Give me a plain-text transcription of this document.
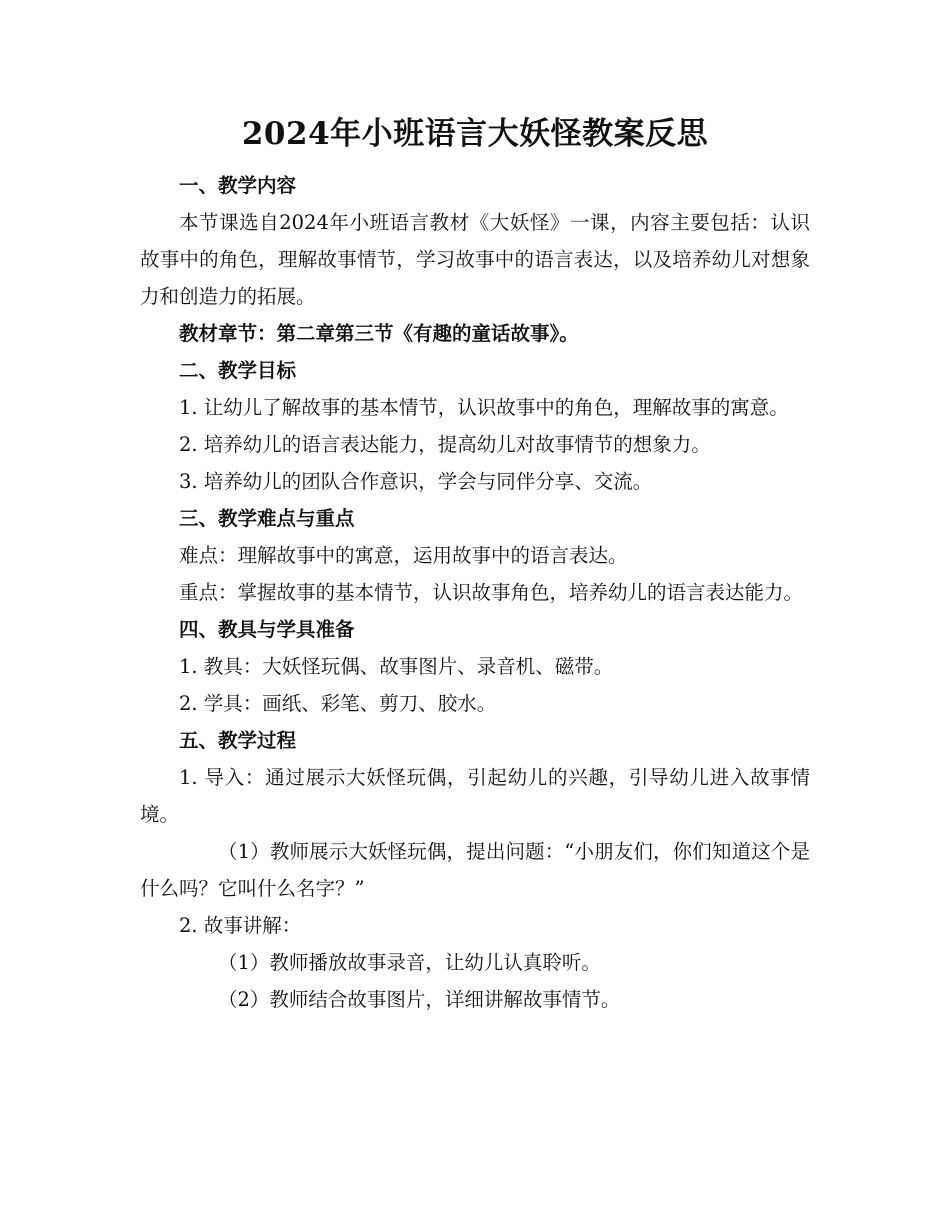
2024年小班语言大妖怪教案反思

一、教学内容

本节课选自2024年小班语言教材《大妖怪》一课，内容主要包括：认识故事中的角色，理解故事情节，学习故事中的语言表达，以及培养幼儿对想象力和创造力的拓展。

教材章节：第二章第三节《有趣的童话故事》。

二、教学目标

1. 让幼儿了解故事的基本情节，认识故事中的角色，理解故事的寓意。

2. 培养幼儿的语言表达能力，提高幼儿对故事情节的想象力。

3. 培养幼儿的团队合作意识，学会与同伴分享、交流。

三、教学难点与重点

难点：理解故事中的寓意，运用故事中的语言表达。

重点：掌握故事的基本情节，认识故事角色，培养幼儿的语言表达能力。

四、教具与学具准备

1. 教具：大妖怪玩偶、故事图片、录音机、磁带。

2. 学具：画纸、彩笔、剪刀、胶水。

五、教学过程

1. 导入：通过展示大妖怪玩偶，引起幼儿的兴趣，引导幼儿进入故事情境。

（1）教师展示大妖怪玩偶，提出问题：“小朋友们，你们知道这个是什么吗？它叫什么名字？”

2. 故事讲解：

（1）教师播放故事录音，让幼儿认真聆听。

（2）教师结合故事图片，详细讲解故事情节。
